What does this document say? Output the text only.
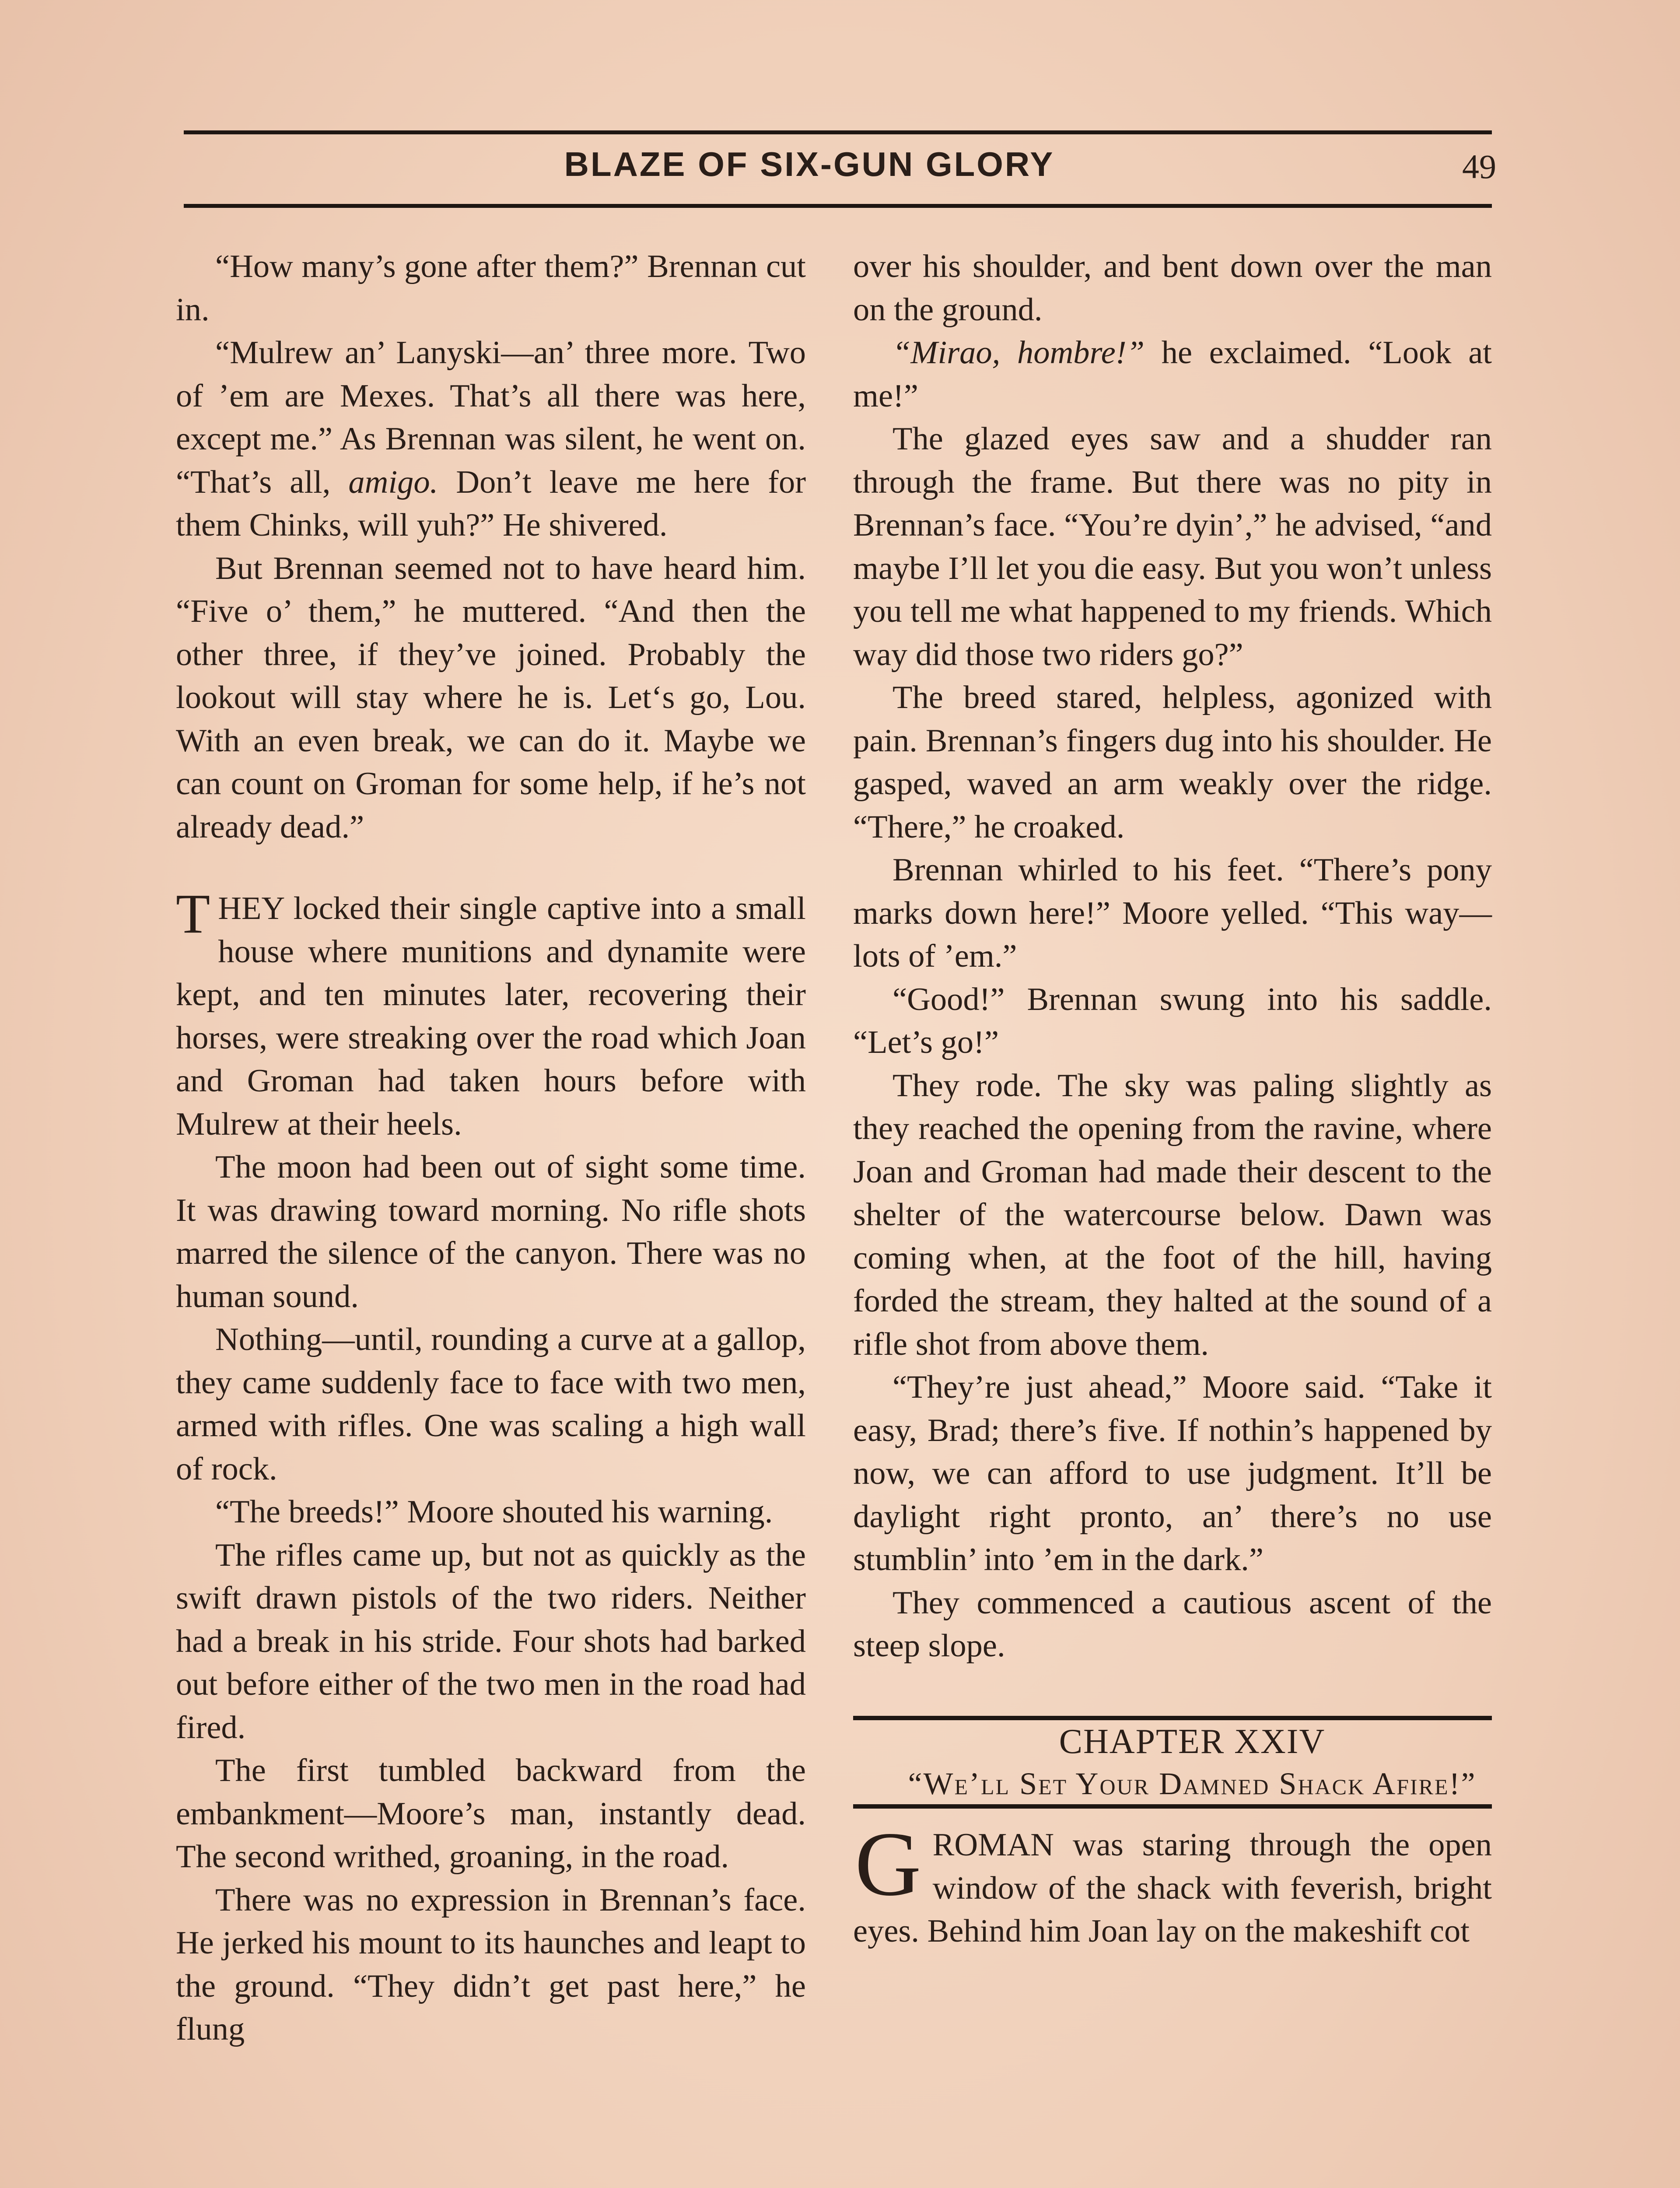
BLAZE OF SIX-GUN GLORY	49

“How many’s gone after them?” Brennan cut in.

“Mulrew an’ Lanyski—an’ three more. Two of ’em are Mexes. That’s all there was here, except me.” As Brennan was silent, he went on. “That’s all, amigo. Don’t leave me here for them Chinks, will yuh?” He shivered.

But Brennan seemed not to have heard him. “Five o’ them,” he muttered. “And then the other three, if they’ve joined. Probably the lookout will stay where he is. Let‘s go, Lou. With an even break, we can do it. Maybe we can count on Groman for some help, if he’s not already dead.”

THEY locked their single captive into a small house where munitions and dynamite were kept, and ten minutes later, recovering their horses, were streaking over the road which Joan and Groman had taken hours before with Mulrew at their heels.

The moon had been out of sight some time. It was drawing toward morning. No rifle shots marred the silence of the canyon. There was no human sound.

Nothing—until, rounding a curve at a gallop, they came suddenly face to face with two men, armed with rifles. One was scaling a high wall of rock.

“The breeds!” Moore shouted his warning.

The rifles came up, but not as quickly as the swift drawn pistols of the two riders. Neither had a break in his stride. Four shots had barked out before either of the two men in the road had fired.

The first tumbled backward from the embankment—Moore’s man, instantly dead. The second writhed, groaning, in the road.

There was no expression in Brennan’s face. He jerked his mount to its haunches and leapt to the ground. “They didn’t get past here,” he flung

over his shoulder, and bent down over the man on the ground.

“Mirao, hombre!” he exclaimed. “Look at me!”

The glazed eyes saw and a shudder ran through the frame. But there was no pity in Brennan’s face. “You’re dyin’,” he advised, “and maybe I’ll let you die easy. But you won’t unless you tell me what happened to my friends. Which way did those two riders go?”

The breed stared, helpless, agonized with pain. Brennan’s fingers dug into his shoulder. He gasped, waved an arm weakly over the ridge. “There,” he croaked.

Brennan whirled to his feet. “There’s pony marks down here!” Moore yelled. “This way—lots of ’em.”

“Good!” Brennan swung into his saddle. “Let’s go!”

They rode. The sky was paling slightly as they reached the opening from the ravine, where Joan and Groman had made their descent to the shelter of the watercourse below. Dawn was coming when, at the foot of the hill, having forded the stream, they halted at the sound of a rifle shot from above them.

“They’re just ahead,” Moore said. “Take it easy, Brad; there’s five. If nothin’s happened by now, we can afford to use judgment. It’ll be daylight right pronto, an’ there’s no use stumblin’ into ’em in the dark.”

They commenced a cautious ascent of the steep slope.

CHAPTER XXIV

“We’ll Set Your Damned Shack Afire!”

GROMAN was staring through the open window of the shack with feverish, bright eyes. Behind him Joan lay on the makeshift cot
